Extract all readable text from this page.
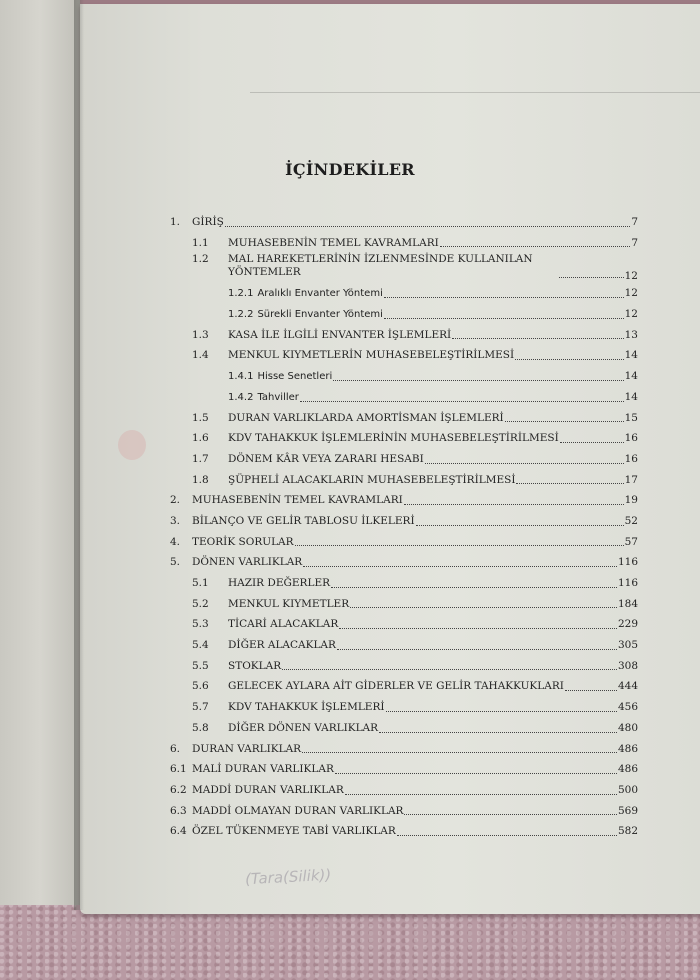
İÇİNDEKİLER
1.	GİRİŞ	7
1.1	MUHASEBENİN TEMEL KAVRAMLARI	7
1.2	MAL HAREKETLERİNİN İZLENMESİNDE KULLANILAN YÖNTEMLER	12
1.2.1 Aralıklı Envanter Yöntemi	12
1.2.2 Sürekli Envanter Yöntemi	12
1.3	KASA İLE İLGİLİ ENVANTER İŞLEMLERİ	13
1.4	MENKUL KIYMETLERİN MUHASEBELEŞTİRİLMESİ	14
1.4.1 Hisse Senetleri	14
1.4.2 Tahviller	14
1.5	DURAN VARLIKLARDA AMORTİSMAN İŞLEMLERİ	15
1.6	KDV TAHAKKUK İŞLEMLERİNİN MUHASEBELEŞTİRİLMESİ	16
1.7	DÖNEM KÂR VEYA ZARARI HESABI	16
1.8	ŞÜPHELİ ALACAKLARIN MUHASEBELEŞTİRİLMESİ	17
2.	MUHASEBENİN TEMEL KAVRAMLARI	19
3.	BİLANÇO VE GELİR TABLOSU İLKELERİ	52
4.	TEORİK SORULAR	57
5.	DÖNEN VARLIKLAR	116
5.1	HAZIR DEĞERLER	116
5.2	MENKUL KIYMETLER	184
5.3	TİCARİ ALACAKLAR	229
5.4	DİĞER ALACAKLAR	305
5.5	STOKLAR	308
5.6	GELECEK AYLARA AİT GİDERLER VE GELİR TAHAKKUKLARI	444
5.7	KDV TAHAKKUK İŞLEMLERİ	456
5.8	DİĞER DÖNEN VARLIKLAR	480
6.	DURAN VARLIKLAR	486
6.1 MALİ DURAN VARLIKLAR	486
6.2 MADDİ DURAN VARLIKLAR	500
6.3 MADDİ OLMAYAN DURAN VARLIKLAR	569
6.4 ÖZEL TÜKENMEYE TABİ VARLIKLAR	582
(Tara(Silik))
